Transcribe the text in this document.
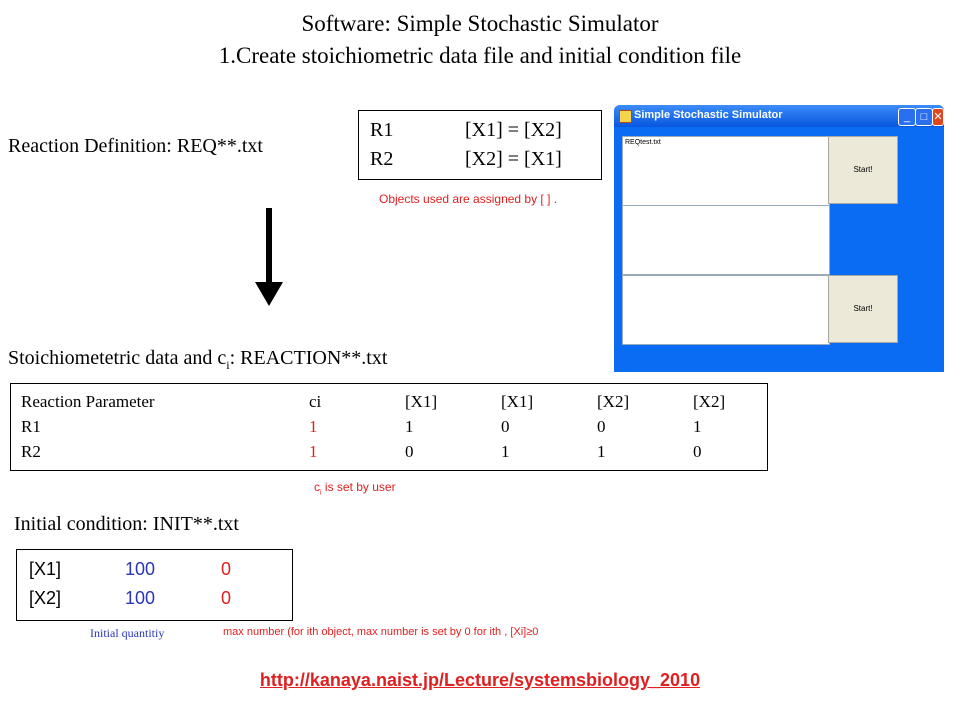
Software: Simple Stochastic Simulator
1.Create stoichiometric data file and initial condition file
Reaction Definition: REQ**.txt
R1	[X1] = [X2]
R2	[X2] = [X1]
Objects used are assigned by [ ] .
Simple Stochastic Simulator	_ □ ✕
REQtest.txt
Start!
Start!
Stoichiometetric data and $c_i$: REACTION**.txt
Reaction Parameter	ci	[X1]	[X1]	[X2]	[X2]
R1	1	1	0	0	1
R2	1	0	1	1	0
$c_i$ is set by user
Initial condition: INIT**.txt
[X1]	100	0
[X2]	100	0
Initial quantitiy	max number (for ith object, max number is set by 0 for ith , [Xi]≥0
http://kanaya.naist.jp/Lecture/systemsbiology_2010
